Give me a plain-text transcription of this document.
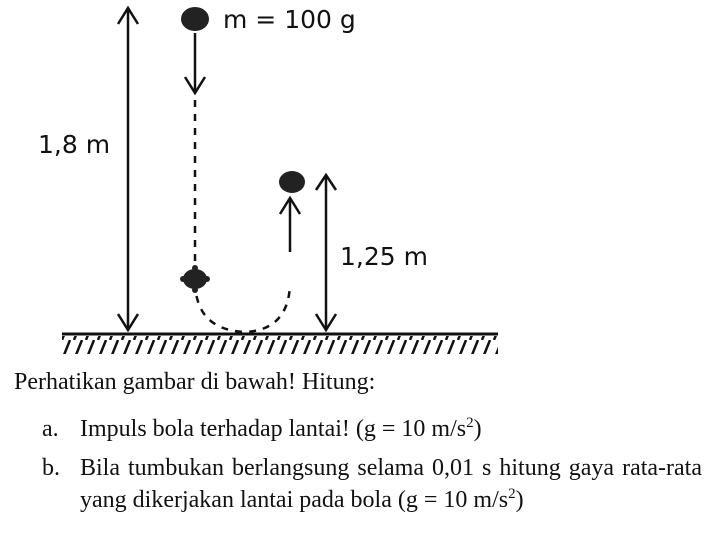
m = 100 g
1,8 m
1,25 m
Perhatikan gambar di bawah! Hitung:
a. Impuls bola terhadap lantai! (g = 10 $m/s^2$)
b. Bila tumbukan berlangsung selama 0,01 s hitung gaya rata-rata yang dikerjakan lantai pada bola (g = 10 $m/s^2$)
